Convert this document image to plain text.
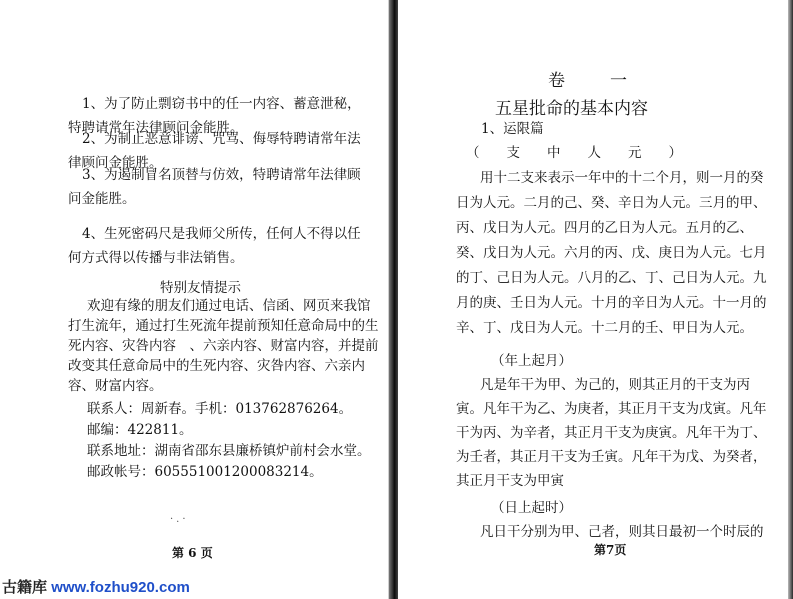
1、为了防止剽窃书中的任一内容、蓄意泄秘，

特聘请常年法律顾问金能胜。

2、为制止恶意诽谤、咒骂、侮辱特聘请常年法

律顾问金能胜。

3、为遏制冒名顶替与仿效，特聘请常年法律顾

问金能胜。

4、生死密码尺是我师父所传，任何人不得以任

何方式得以传播与非法销售。

特别友情提示

欢迎有缘的朋友们通过电话、信函、网页来我馆

打生流年，通过打生死流年提前预知任意命局中的生

死内容、灾咎内容　、六亲内容、财富内容，并提前

改变其任意命局中的生死内容、灾咎内容、六亲内

容、财富内容。

联系人：周新春。手机：013762876264。

邮编：422811。

联系地址：湖南省邵东县廉桥镇炉前村会水堂。

邮政帐号：605551001200083214。

·.·
第 6 页
古籍库 www.fozhu920.com
卷　一
五星批命的基本内容
1、运限篇
（　　支　　中　　人　　元　　）

用十二支来表示一年中的十二个月，则一月的癸

日为人元。二月的己、癸、辛日为人元。三月的甲、

丙、戊日为人元。四月的乙日为人元。五月的乙、

癸、戊日为人元。六月的丙、戊、庚日为人元。七月

的丁、己日为人元。八月的乙、丁、己日为人元。九

月的庚、壬日为人元。十月的辛日为人元。十一月的

辛、丁、戊日为人元。十二月的壬、甲日为人元。

（年上起月）

凡是年干为甲、为己的，则其正月的干支为丙

寅。凡年干为乙、为庚者，其正月干支为戊寅。凡年

干为丙、为辛者，其正月干支为庚寅。凡年干为丁、

为壬者，其正月干支为壬寅。凡年干为戊、为癸者，

其正月干支为甲寅

（日上起时）

凡日干分别为甲、己者，则其日最初一个时辰的

第7页
